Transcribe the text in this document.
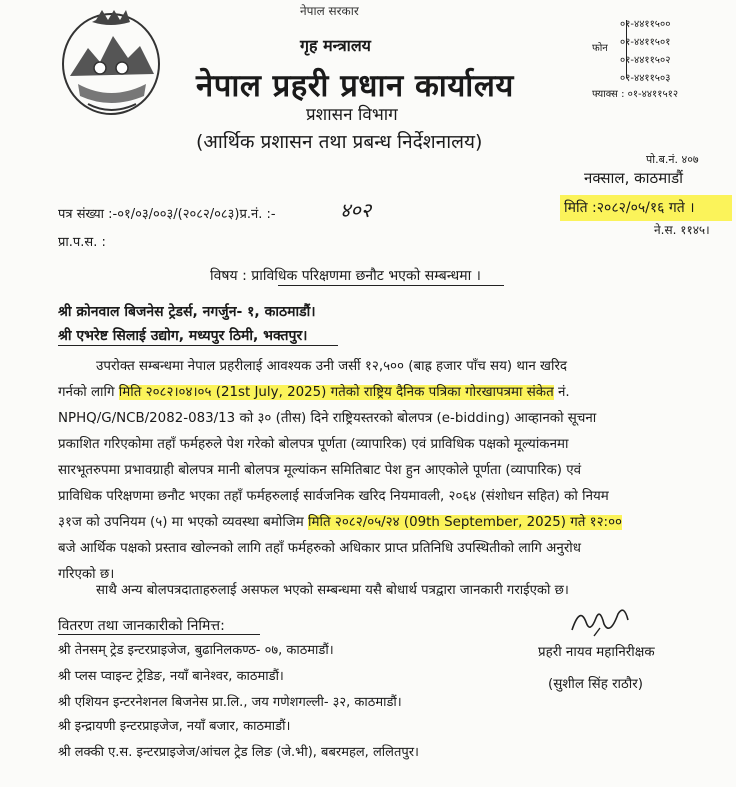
नेपाल सरकार
गृह मन्त्रालय
नेपाल प्रहरी प्रधान कार्यालय
प्रशासन विभाग
(आर्थिक प्रशासन तथा प्रबन्ध निर्देशनालय)
फोन
०१-४४११५००
०१-४४११५०१
०१-४४११५०२
०१-४४११५०३
फ्याक्स : ०१-४४११५१२
पो.ब.नं. ४०७
नक्साल, काठमाडौं
मिति :२०८२/०५/१६ गते ।
ने.स. ११४५।
पत्र संख्या :-०१/०३/००३/(२०८२/०८३)प्र.नं. :-	४०२
प्रा.प.स. :
विषय : प्राविधिक परिक्षणमा छनौट भएको सम्बन्धमा ।
श्री क्रोनवाल बिजनेस ट्रेडर्स, नगर्जुन- १, काठमाडौं।
श्री एभरेष्ट सिलाई उद्योग, मध्यपुर ठिमी, भक्तपुर।
उपरोक्त सम्बन्धमा नेपाल प्रहरीलाई आवश्यक उनी जर्सी १२,५०० (बाह्र हजार पाँच सय) थान खरिद
गर्नको लागि मिति २०८२।०४।०५ (21st July, 2025) गतेको राष्ट्रिय दैनिक पत्रिका गोरखापत्रमा संकेत नं.
NPHQ/G/NCB/2082-083/13 को ३० (तीस) दिने राष्ट्रियस्तरको बोलपत्र (e-bidding) आव्हानको सूचना
प्रकाशित गरिएकोमा तहाँ फर्महरुले पेश गरेको बोलपत्र पूर्णता (व्यापारिक) एवं प्राविधिक पक्षको मूल्यांकनमा
सारभूतरुपमा प्रभावग्राही बोलपत्र मानी बोलपत्र मूल्यांकन समितिबाट पेश हुन आएकोले पूर्णता (व्यापारिक) एवं
प्राविधिक परिक्षणमा छनौट भएका तहाँ फर्महरुलाई सार्वजनिक खरिद नियमावली, २०६४ (संशोधन सहित) को नियम
३१ज को उपनियम (५) मा भएको व्यवस्था बमोजिम मिति २०८२/०५/२४ (09th September, 2025) गते १२:००
बजे आर्थिक पक्षको प्रस्ताव खोल्नको लागि तहाँ फर्महरुको अधिकार प्राप्त प्रतिनिधि उपस्थितीको लागि अनुरोध
गरिएको छ।
साथै अन्य बोलपत्रदाताहरुलाई असफल भएको सम्बन्धमा यसै बोधार्थ पत्रद्वारा जानकारी गराईएको छ।
वितरण तथा जानकारीको निमित्त:
श्री तेनसम् ट्रेड इन्टरप्राइजेज, बुढानिलकण्ठ- ०७, काठमाडौं।
श्री प्लस प्वाइन्ट ट्रेडिङ, नयाँ बानेश्वर, काठमाडौं।
श्री एशियन इन्टरनेशनल बिजनेस प्रा.लि., जय गणेशगल्ली- ३२, काठमाडौं।
श्री इन्द्रायणी इन्टरप्राइजेज, नयाँ बजार, काठमाडौं।
श्री लक्की ए.स. इन्टरप्राइजेज/आंचल ट्रेड लिङ (जे.भी), बबरमहल, ललितपुर।
प्रहरी नायव महानिरीक्षक
(सुशील सिंह राठौर)
